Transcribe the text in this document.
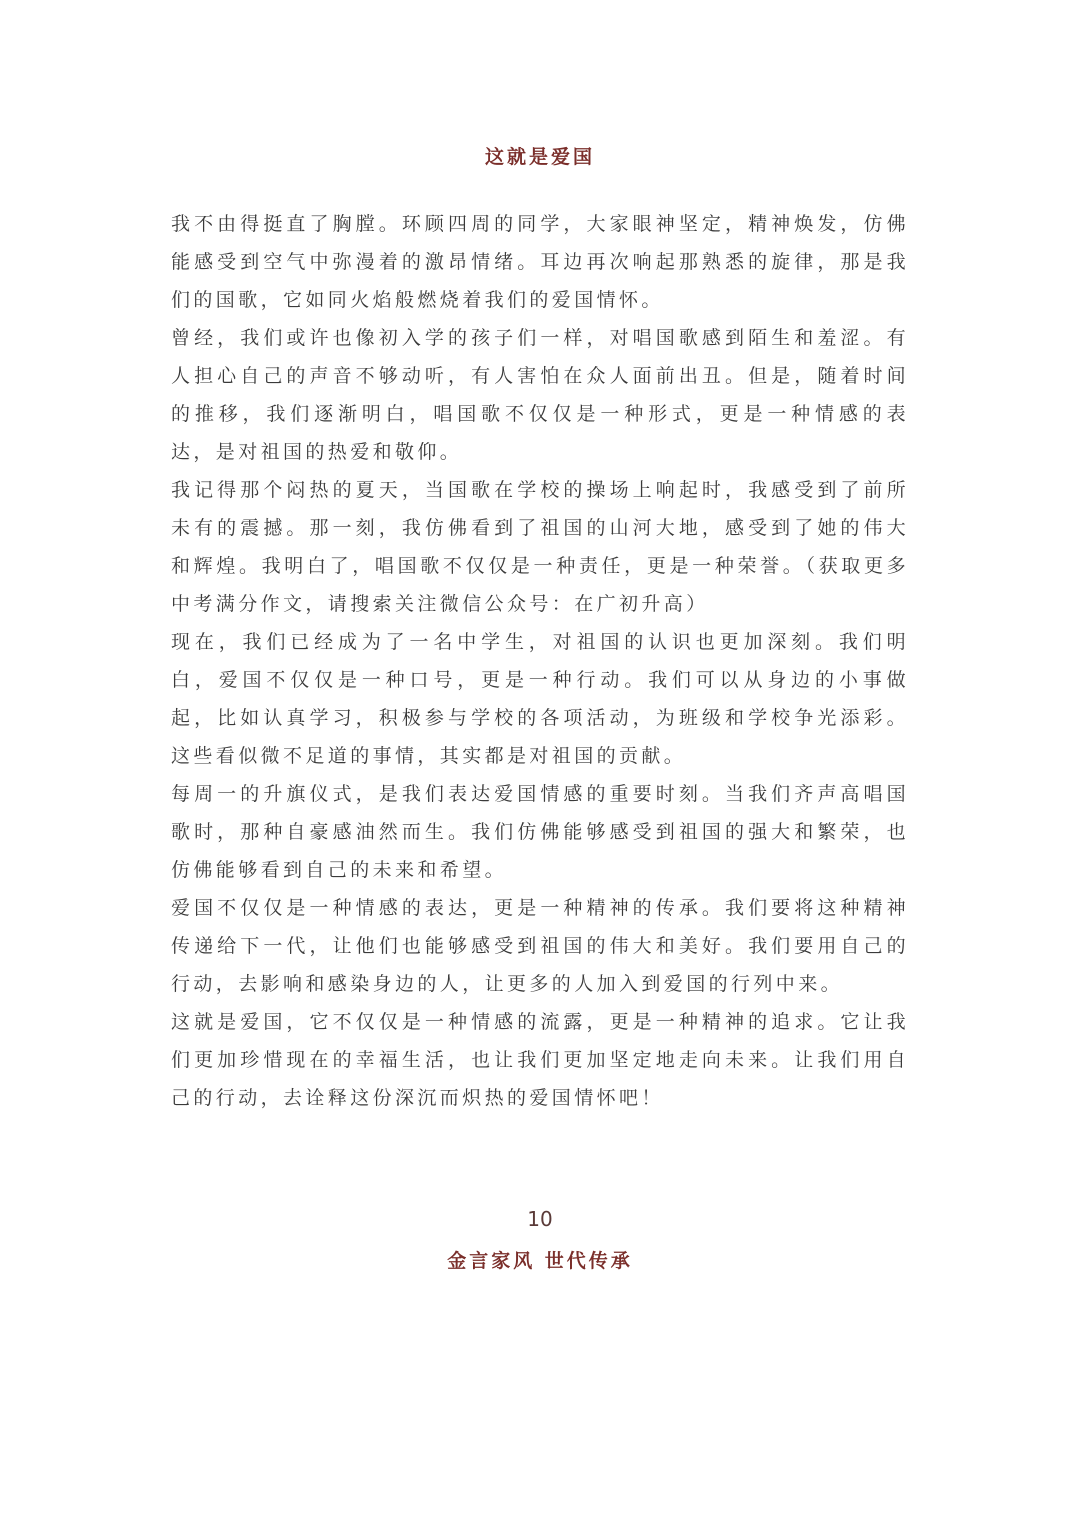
这就是爱国

我不由得挺直了胸膛。环顾四周的同学，大家眼神坚定，精神焕发，仿佛能感受到空气中弥漫着的激昂情绪。耳边再次响起那熟悉的旋律，那是我们的国歌，它如同火焰般燃烧着我们的爱国情怀。

曾经，我们或许也像初入学的孩子们一样，对唱国歌感到陌生和羞涩。有人担心自己的声音不够动听，有人害怕在众人面前出丑。但是，随着时间的推移，我们逐渐明白，唱国歌不仅仅是一种形式，更是一种情感的表达，是对祖国的热爱和敬仰。

我记得那个闷热的夏天，当国歌在学校的操场上响起时，我感受到了前所未有的震撼。那一刻，我仿佛看到了祖国的山河大地，感受到了她的伟大和辉煌。我明白了，唱国歌不仅仅是一种责任，更是一种荣誉。（获取更多中考满分作文，请搜索关注微信公众号：在广初升高）

现在，我们已经成为了一名中学生，对祖国的认识也更加深刻。我们明白，爱国不仅仅是一种口号，更是一种行动。我们可以从身边的小事做起，比如认真学习，积极参与学校的各项活动，为班级和学校争光添彩。这些看似微不足道的事情，其实都是对祖国的贡献。

每周一的升旗仪式，是我们表达爱国情感的重要时刻。当我们齐声高唱国歌时，那种自豪感油然而生。我们仿佛能够感受到祖国的强大和繁荣，也仿佛能够看到自己的未来和希望。

爱国不仅仅是一种情感的表达，更是一种精神的传承。我们要将这种精神传递给下一代，让他们也能够感受到祖国的伟大和美好。我们要用自己的行动，去影响和感染身边的人，让更多的人加入到爱国的行列中来。

这就是爱国，它不仅仅是一种情感的流露，更是一种精神的追求。它让我们更加珍惜现在的幸福生活，也让我们更加坚定地走向未来。让我们用自己的行动，去诠释这份深沉而炽热的爱国情怀吧！

10
金言家风 世代传承
